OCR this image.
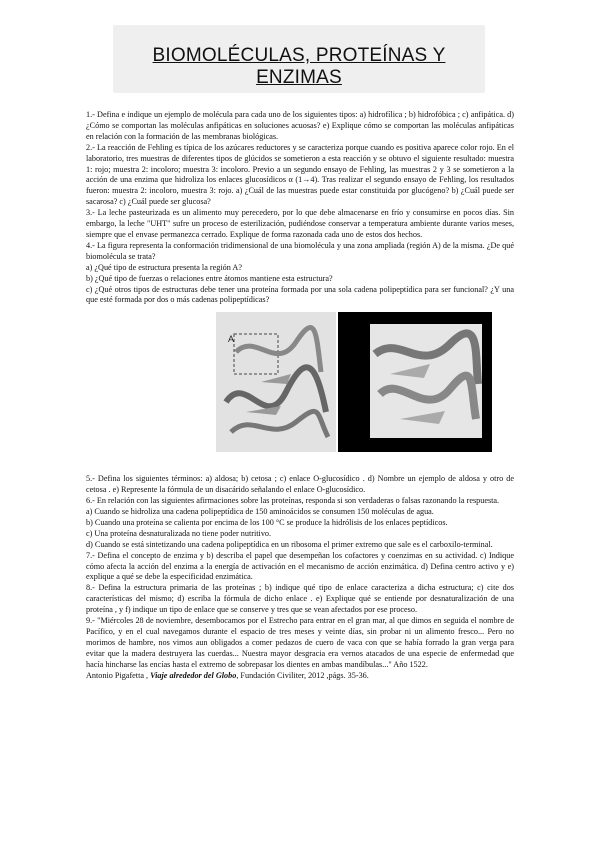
BIOMOLÉCULAS, PROTEÍNAS Y ENZIMAS

1.- Defina e indique un ejemplo de molécula para cada uno de los siguientes tipos: a) hidrofílica ; b) hidrofóbica ; c) anfipática. d) ¿Cómo se comportan las moléculas anfipáticas en soluciones acuosas? e) Explique cómo se comportan las moléculas anfipáticas en relación con la formación de las membranas biológicas.

2.- La reacción de Fehling es típica de los azúcares reductores y se caracteriza porque cuando es positiva aparece color rojo. En el laboratorio, tres muestras de diferentes tipos de glúcidos se sometieron a esta reacción y se obtuvo el siguiente resultado: muestra 1: rojo; muestra 2: incoloro; muestra 3: incoloro. Previo a un segundo ensayo de Fehling, las muestras 2 y 3 se sometieron a la acción de una enzima que hidroliza los enlaces glucosídicos α (1→4). Tras realizar el segundo ensayo de Fehling, los resultados fueron: muestra 2: incoloro, muestra 3: rojo. a) ¿Cuál de las muestras puede estar constituida por glucógeno? b) ¿Cuál puede ser sacarosa? c) ¿Cuál puede ser glucosa?

3.- La leche pasteurizada es un alimento muy perecedero, por lo que debe almacenarse en frío y consumirse en pocos días. Sin embargo, la leche "UHT" sufre un proceso de esterilización, pudiéndose conservar a temperatura ambiente durante varios meses, siempre que el envase permanezca cerrado. Explique de forma razonada cada uno de estos dos hechos.

4.- La figura representa la conformación tridimensional de una biomolécula y una zona ampliada (región A) de la misma. ¿De qué biomolécula se trata?

a) ¿Qué tipo de estructura presenta la región A?

b) ¿Qué tipo de fuerzas o relaciones entre átomos mantiene esta estructura?

c) ¿Qué otros tipos de estructuras debe tener una proteína formada por una sola cadena polipeptídica para ser funcional? ¿Y una que esté formada por dos o más cadenas polipeptídicas?

A

5.- Defina los siguientes términos: a) aldosa; b) cetosa ; c) enlace O-glucosídico . d) Nombre un ejemplo de aldosa y otro de cetosa . e) Represente la fórmula de un disacárido señalando el enlace O-glucosídico.

6.- En relación con las siguientes afirmaciones sobre las proteínas, responda si son verdaderas o falsas razonando la respuesta.

a) Cuando se hidroliza una cadena polipeptídica de 150 aminoácidos se consumen 150 moléculas de agua.

b) Cuando una proteína se calienta por encima de los 100 °C se produce la hidrólisis de los enlaces peptídicos.

c) Una proteína desnaturalizada no tiene poder nutritivo.

d) Cuando se está sintetizando una cadena polipeptídica en un ribosoma el primer extremo que sale es el carboxilo-terminal.

7.- Defina el concepto de enzima y b) describa el papel que desempeñan los cofactores y coenzimas en su actividad. c) Indique cómo afecta la acción del enzima a la energía de activación en el mecanismo de acción enzimática. d) Defina centro activo y e) explique a qué se debe la especificidad enzimática.

8.- Defina la estructura primaria de las proteínas ; b) indique qué tipo de enlace caracteriza a dicha estructura; c) cite dos características del mismo; d) escriba la fórmula de dicho enlace . e) Explique qué se entiende por desnaturalización de una proteína , y f) indique un tipo de enlace que se conserve y tres que se vean afectados por ese proceso.

9.- "Miércoles 28 de noviembre, desembocamos por el Estrecho para entrar en el gran mar, al que dimos en seguida el nombre de Pacífico, y en el cual navegamos durante el espacio de tres meses y veinte días, sin probar ni un alimento fresco... Pero no morimos de hambre, nos vimos aun obligados a comer pedazos de cuero de vaca con que se había forrado la gran verga para evitar que la madera destruyera las cuerdas... Nuestra mayor desgracia era vernos atacados de una especie de enfermedad que hacía hincharse las encías hasta el extremo de sobrepasar los dientes en ambas mandíbulas..." Año 1522.

Antonio Pigafetta , Viaje alrededor del Globo, Fundación Civiliter, 2012 ,págs. 35-36.
